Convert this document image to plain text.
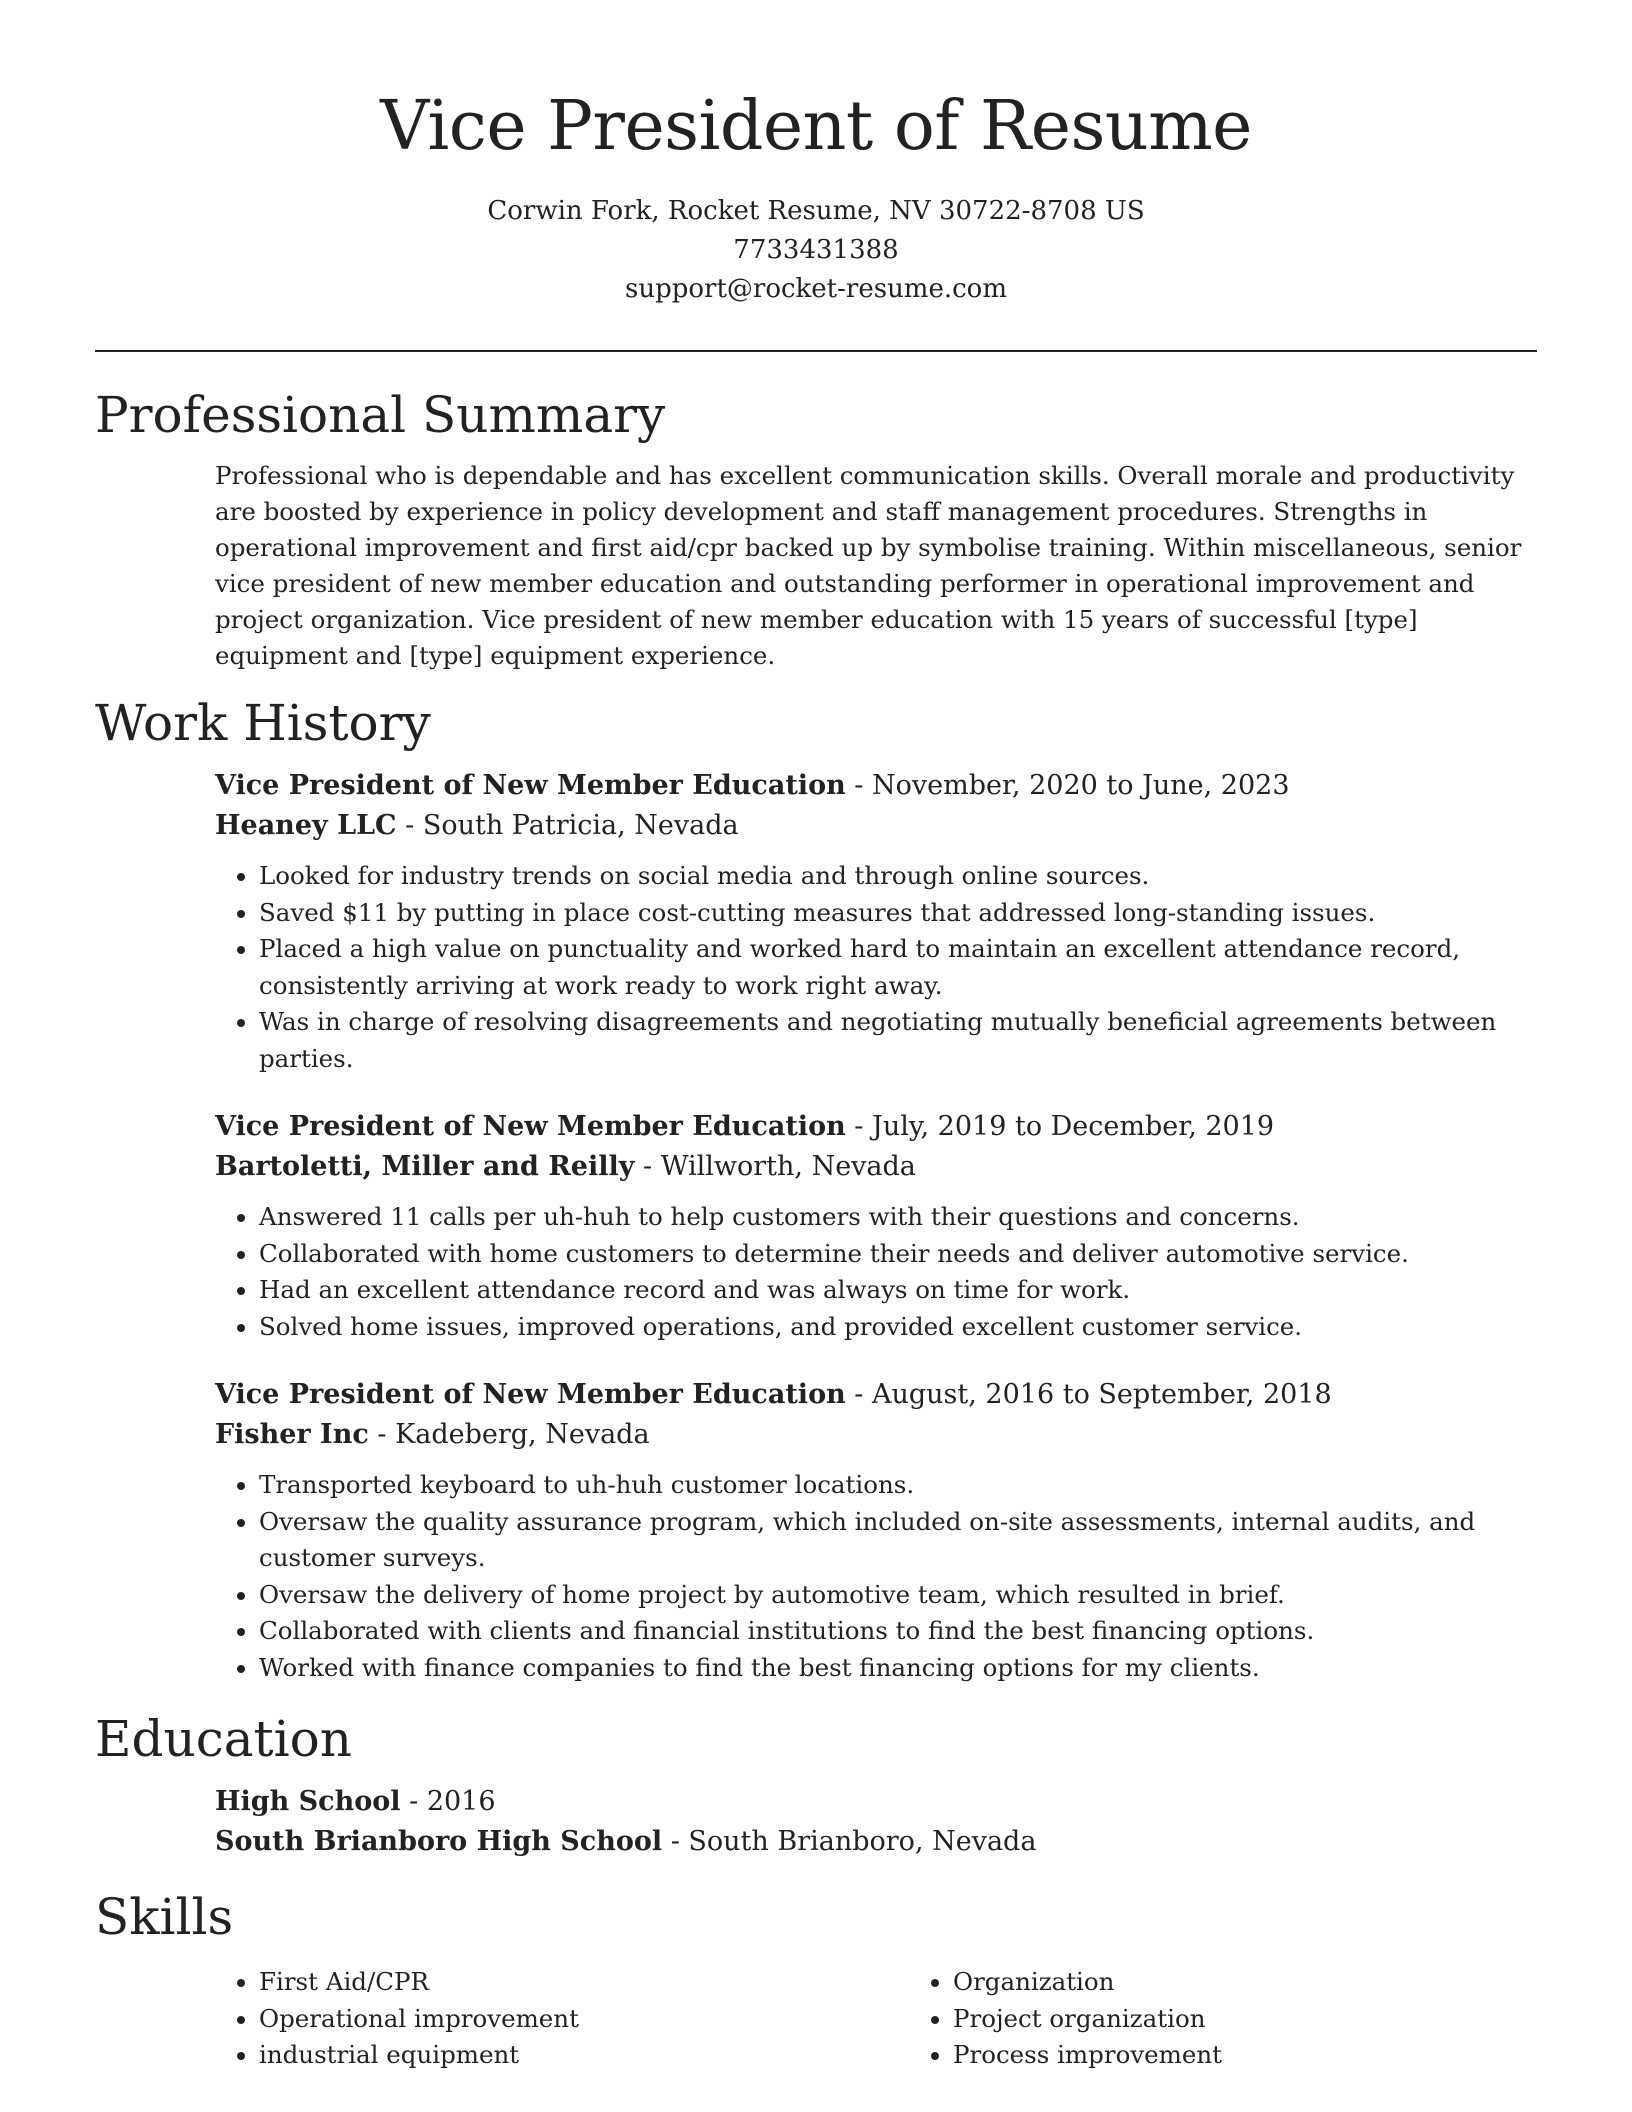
Vice President of Resume
Corwin Fork, Rocket Resume, NV 30722-8708 US
7733431388
support@rocket-resume.com
Professional Summary

Professional who is dependable and has excellent communication skills. Overall morale and productivity are boosted by experience in policy development and staff management procedures. Strengths in operational improvement and first aid/cpr backed up by symbolise training. Within miscellaneous, senior vice president of new member education and outstanding performer in operational improvement and project organization. Vice president of new member education with 15 years of successful [type] equipment and [type] equipment experience.

Work History
Vice President of New Member Education - November, 2020 to June, 2023
Heaney LLC - South Patricia, Nevada
• Looked for industry trends on social media and through online sources.
• Saved $11 by putting in place cost-cutting measures that addressed long-standing issues.
• Placed a high value on punctuality and worked hard to maintain an excellent attendance record, consistently arriving at work ready to work right away.
• Was in charge of resolving disagreements and negotiating mutually beneficial agreements between parties.
Vice President of New Member Education - July, 2019 to December, 2019
Bartoletti, Miller and Reilly - Willworth, Nevada
• Answered 11 calls per uh-huh to help customers with their questions and concerns.
• Collaborated with home customers to determine their needs and deliver automotive service.
• Had an excellent attendance record and was always on time for work.
• Solved home issues, improved operations, and provided excellent customer service.
Vice President of New Member Education - August, 2016 to September, 2018
Fisher Inc - Kadeberg, Nevada
• Transported keyboard to uh-huh customer locations.
• Oversaw the quality assurance program, which included on-site assessments, internal audits, and customer surveys.
• Oversaw the delivery of home project by automotive team, which resulted in brief.
• Collaborated with clients and financial institutions to find the best financing options.
• Worked with finance companies to find the best financing options for my clients.
Education
High School - 2016
South Brianboro High School - South Brianboro, Nevada
Skills
• First Aid/CPR
• Operational improvement
• industrial equipment
• Organization
• Project organization
• Process improvement
